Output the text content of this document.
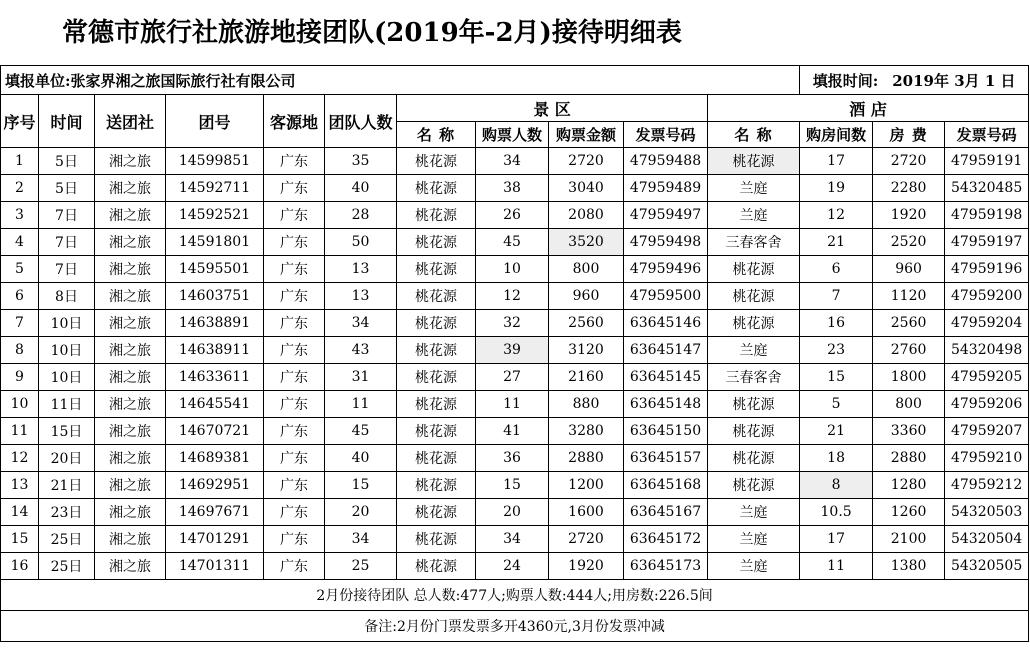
常德市旅行社旅游地接团队(2019年-2月)接待明细表
填报单位:张家界湘之旅国际旅行社有限公司											填报时间: 2019年 3月 1 日		
序号	时间	送团社	团号	客源地	团队人数	景 区				酒 店			
						名 称	购票人数	购票金额	发票号码	名 称	购房间数	房 费	发票号码
1	5日	湘之旅	14599851	广东	35	桃花源	34	2720	47959488	桃花源	17	2720	47959191
2	5日	湘之旅	14592711	广东	40	桃花源	38	3040	47959489	兰庭	19	2280	54320485
3	7日	湘之旅	14592521	广东	28	桃花源	26	2080	47959497	兰庭	12	1920	47959198
4	7日	湘之旅	14591801	广东	50	桃花源	45	3520	47959498	三春客舍	21	2520	47959197
5	7日	湘之旅	14595501	广东	13	桃花源	10	800	47959496	桃花源	6	960	47959196
6	8日	湘之旅	14603751	广东	13	桃花源	12	960	47959500	桃花源	7	1120	47959200
7	10日	湘之旅	14638891	广东	34	桃花源	32	2560	63645146	桃花源	16	2560	47959204
8	10日	湘之旅	14638911	广东	43	桃花源	39	3120	63645147	兰庭	23	2760	54320498
9	10日	湘之旅	14633611	广东	31	桃花源	27	2160	63645145	三春客舍	15	1800	47959205
10	11日	湘之旅	14645541	广东	11	桃花源	11	880	63645148	桃花源	5	800	47959206
11	15日	湘之旅	14670721	广东	45	桃花源	41	3280	63645150	桃花源	21	3360	47959207
12	20日	湘之旅	14689381	广东	40	桃花源	36	2880	63645157	桃花源	18	2880	47959210
13	21日	湘之旅	14692951	广东	15	桃花源	15	1200	63645168	桃花源	8	1280	47959212
14	23日	湘之旅	14697671	广东	20	桃花源	20	1600	63645167	兰庭	10.5	1260	54320503
15	25日	湘之旅	14701291	广东	34	桃花源	34	2720	63645172	兰庭	17	2100	54320504
16	25日	湘之旅	14701311	广东	25	桃花源	24	1920	63645173	兰庭	11	1380	54320505
2月份接待团队 总人数:477人;购票人数:444人;用房数:226.5间													
备注:2月份门票发票多开4360元,3月份发票冲减													
